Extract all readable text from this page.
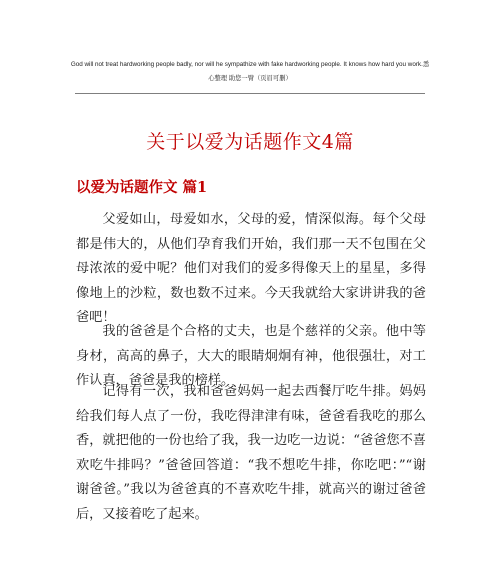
God will not treat hardworking people badly, nor will he sympathize with fake hardworking people. It knows how hard you work.悉心整理 助您一臂（页眉可删）
关于以爱为话题作文4篇
以爱为话题作文 篇1

父爱如山，母爱如水，父母的爱，情深似海。每个父母都是伟大的，从他们孕育我们开始，我们那一天不包围在父母浓浓的爱中呢？他们对我们的爱多得像天上的星星，多得像地上的沙粒，数也数不过来。今天我就给大家讲讲我的爸爸吧！

我的爸爸是个合格的丈夫，也是个慈祥的父亲。他中等身材，高高的鼻子，大大的眼睛炯炯有神，他很强壮，对工作认真，爸爸是我的榜样。

记得有一次，我和爸爸妈妈一起去西餐厅吃牛排。妈妈给我们每人点了一份，我吃得津津有味，爸爸看我吃的那么香，就把他的一份也给了我，我一边吃一边说：“爸爸您不喜欢吃牛排吗？”爸爸回答道：“我不想吃牛排，你吃吧：”“谢谢爸爸。”我以为爸爸真的不喜欢吃牛排，就高兴的谢过爸爸后，又接着吃了起来。
